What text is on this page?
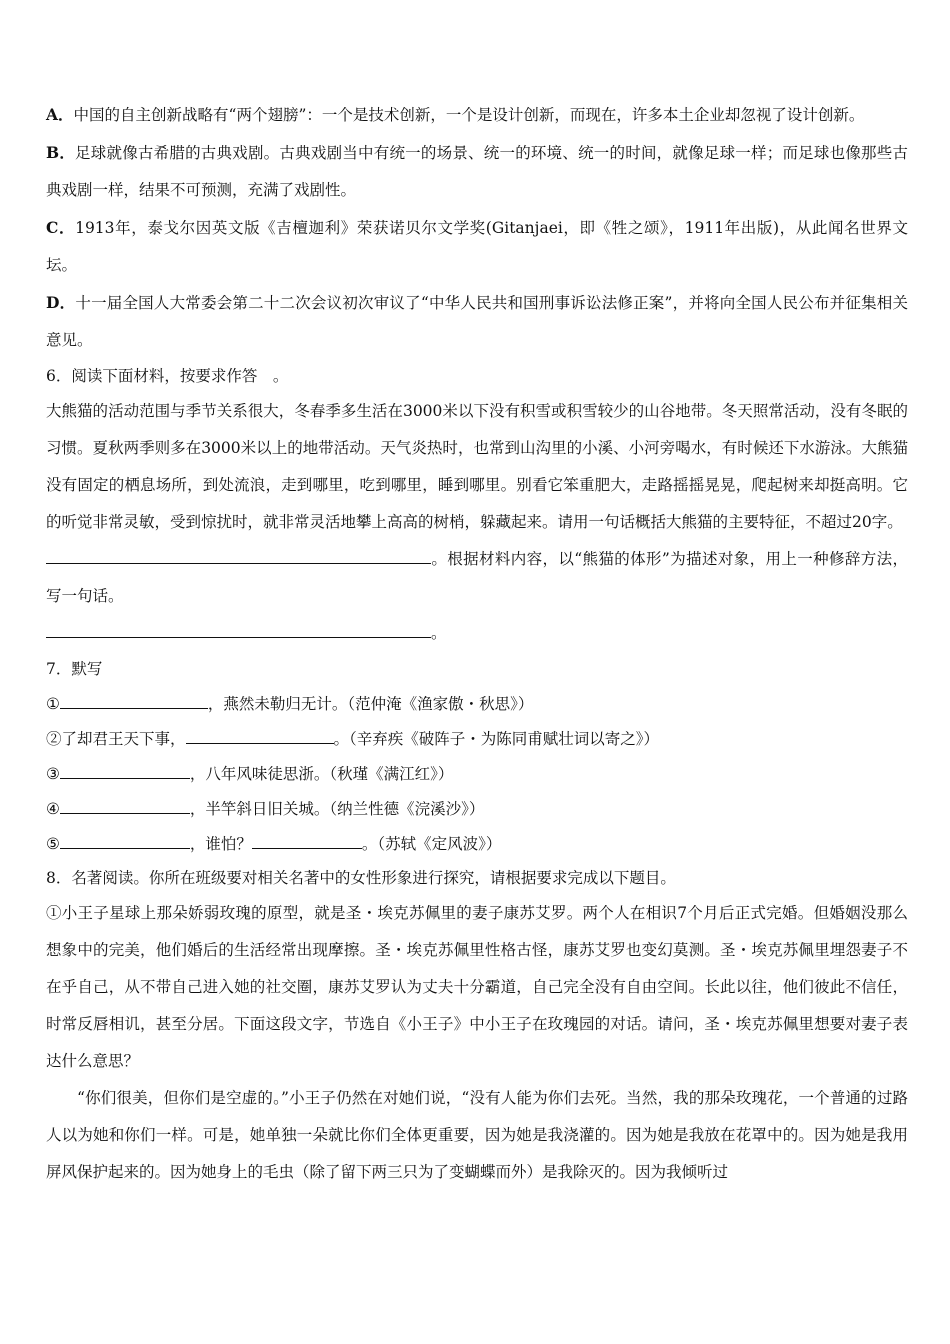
A．中国的自主创新战略有“两个翅膀”：一个是技术创新，一个是设计创新，而现在，许多本土企业却忽视了设计创新。

B．足球就像古希腊的古典戏剧。古典戏剧当中有统一的场景、统一的环境、统一的时间，就像足球一样；而足球也像那些古典戏剧一样，结果不可预测，充满了戏剧性。

C．1913年，泰戈尔因英文版《吉檀迦利》荣获诺贝尔文学奖(Gitanjaei，即《牲之颂》，1911年出版)，从此闻名世界文坛。

D．十一届全国人大常委会第二十二次会议初次审议了“中华人民共和国刑事诉讼法修正案”，并将向全国人民公布并征集相关意见。

6．阅读下面材料，按要求作答　。

大熊猫的活动范围与季节关系很大，冬春季多生活在3000米以下没有积雪或积雪较少的山谷地带。冬天照常活动，没有冬眠的习惯。夏秋两季则多在3000米以上的地带活动。天气炎热时，也常到山沟里的小溪、小河旁喝水，有时候还下水游泳。大熊猫没有固定的栖息场所，到处流浪，走到哪里，吃到哪里，睡到哪里。别看它笨重肥大，走路摇摇晃晃，爬起树来却挺高明。它的听觉非常灵敏，受到惊扰时，就非常灵活地攀上高高的树梢，躲藏起来。请用一句话概括大熊猫的主要特征，不超过20字。

。根据材料内容，以“熊猫的体形”为描述对象，用上一种修辞方法，写一句话。

。

7．默写

①	，燕然未勒归无计。（范仲淹《渔家傲・秋思》）

②了却君王天下事，	。（辛弃疾《破阵子・为陈同甫赋壮词以寄之》）

③	，八年风味徒思浙。（秋瑾《满江红》）

④	，半竿斜日旧关城。（纳兰性德《浣溪沙》）

⑤	，谁怕？	。（苏轼《定风波》）

8．名著阅读。你所在班级要对相关名著中的女性形象进行探究，请根据要求完成以下题目。

①小王子星球上那朵娇弱玫瑰的原型，就是圣・埃克苏佩里的妻子康苏艾罗。两个人在相识7个月后正式完婚。但婚姻没那么想象中的完美，他们婚后的生活经常出现摩擦。圣・埃克苏佩里性格古怪，康苏艾罗也变幻莫测。圣・埃克苏佩里埋怨妻子不在乎自己，从不带自己进入她的社交圈，康苏艾罗认为丈夫十分霸道，自己完全没有自由空间。长此以往，他们彼此不信任，时常反唇相讥，甚至分居。下面这段文字，节选自《小王子》中小王子在玫瑰园的对话。请问，圣・埃克苏佩里想要对妻子表达什么意思？

“你们很美，但你们是空虚的。”小王子仍然在对她们说，“没有人能为你们去死。当然，我的那朵玫瑰花，一个普通的过路人以为她和你们一样。可是，她单独一朵就比你们全体更重要，因为她是我浇灌的。因为她是我放在花罩中的。因为她是我用屏风保护起来的。因为她身上的毛虫（除了留下两三只为了变蝴蝶而外）是我除灭的。因为我倾听过
